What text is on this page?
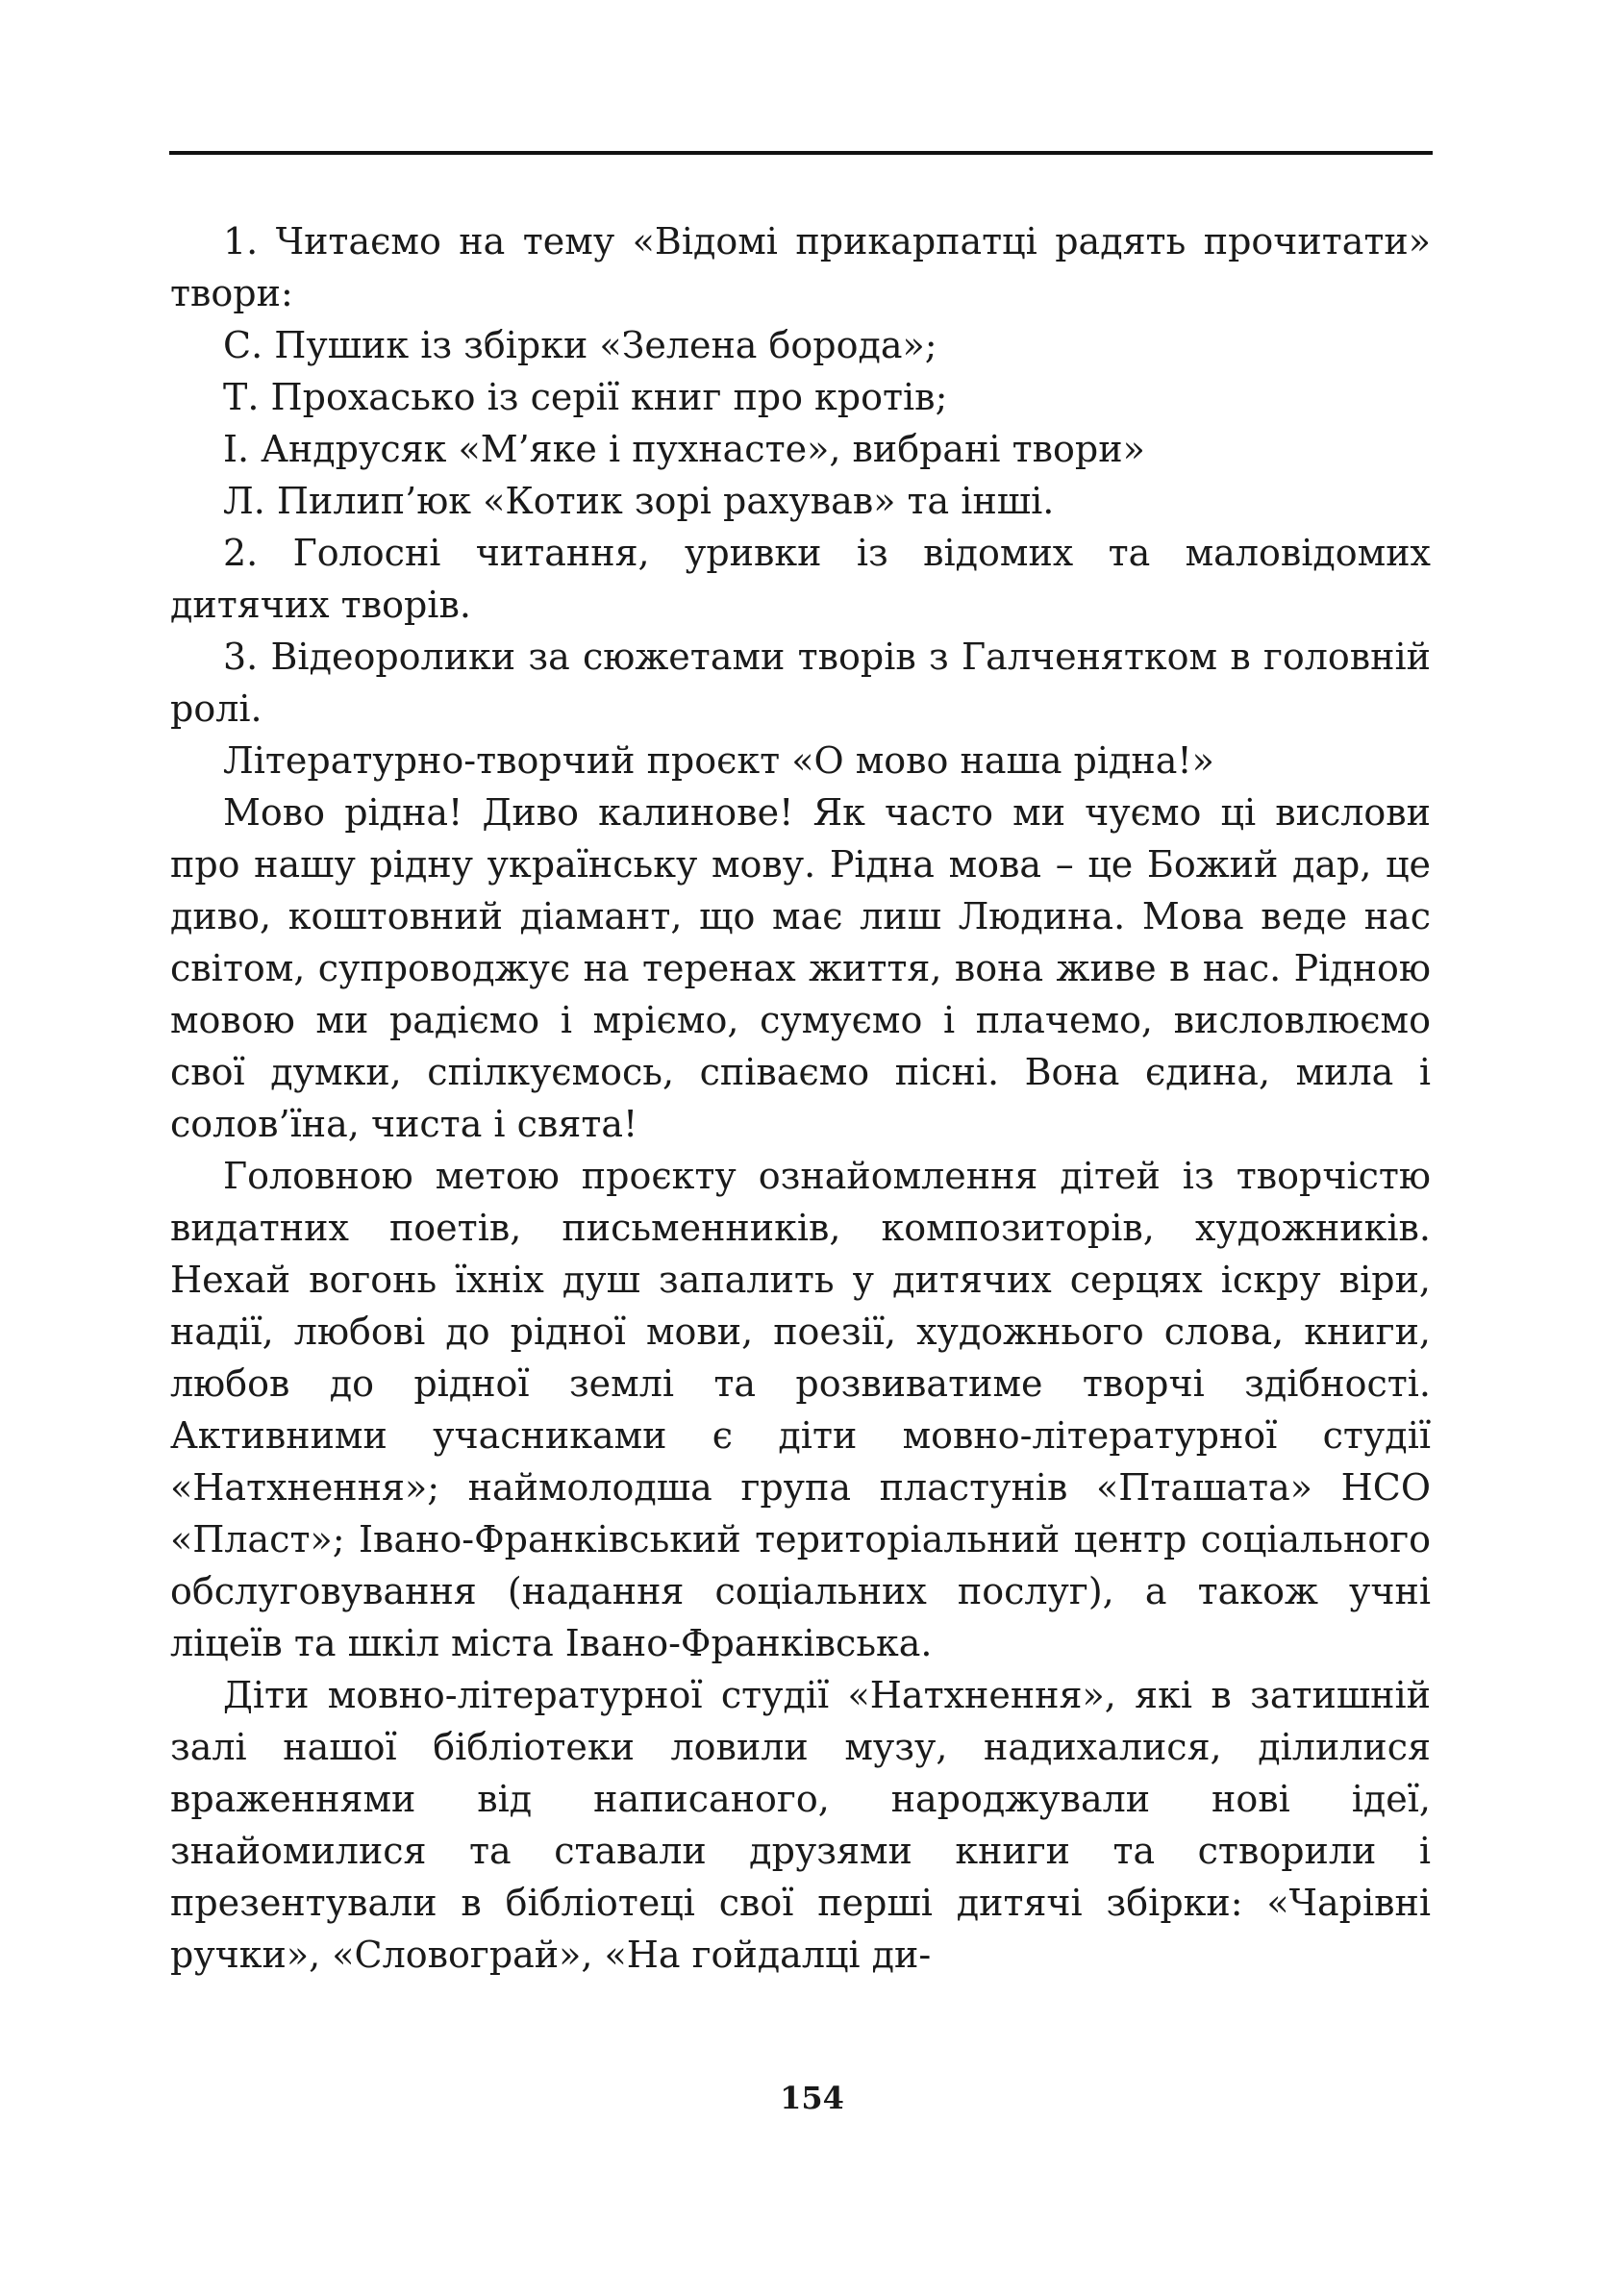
1. Читаємо на тему «Відомі прикарпатці радять прочитати» твори:

С. Пушик із збірки «Зелена борода»;

Т. Прохасько із серії книг про кротів;

І. Андрусяк «М’яке і пухнасте», вибрані твори»

Л. Пилип’юк «Котик зорі рахував» та інші.

2. Голосні читання, уривки із відомих та маловідомих дитячих творів.

3. Відеоролики за сюжетами творів з Галченятком в головній ролі.

Літературно-творчий проєкт «О мово наша рідна!»

Мово рідна! Диво калинове! Як часто ми чуємо ці вислови про нашу рідну українську мову. Рідна мова – це Божий дар, це диво, коштовний діамант, що має лиш Людина. Мова веде нас світом, супроводжує на теренах життя, вона живе в нас. Рідною мовою ми радіємо і мріємо, сумуємо і плачемо, висловлюємо свої думки, спілкуємось, співаємо пісні. Вона єдина, мила і солов’їна, чиста і свята!

Головною метою проєкту ознайомлення дітей із творчістю видатних поетів, письменників, композиторів, художників. Нехай вогонь їхніх душ запалить у дитячих серцях іскру віри, надії, любові до рідної мови, поезії, художнього слова, книги, любов до рідної землі та розвиватиме творчі здібності. Активними учасниками є діти мовно-літературної студії «Натхнення»; наймолодша група пластунів «Пташата» НСО «Пласт»; Івано-Франківський територіальний центр соціального обслуговування (надання соціальних послуг), а також учні ліцеїв та шкіл міста Івано-Франківська.

Діти мовно-літературної студії «Натхнення», які в затишній залі нашої бібліотеки ловили музу, надихалися, ділилися враженнями від написаного, народжували нові ідеї, знайомилися та ставали друзями книги та створили і презентували в бібліотеці свої перші дитячі збірки: «Чарівні ручки», «Словограй», «На гойдалці ди-

154
